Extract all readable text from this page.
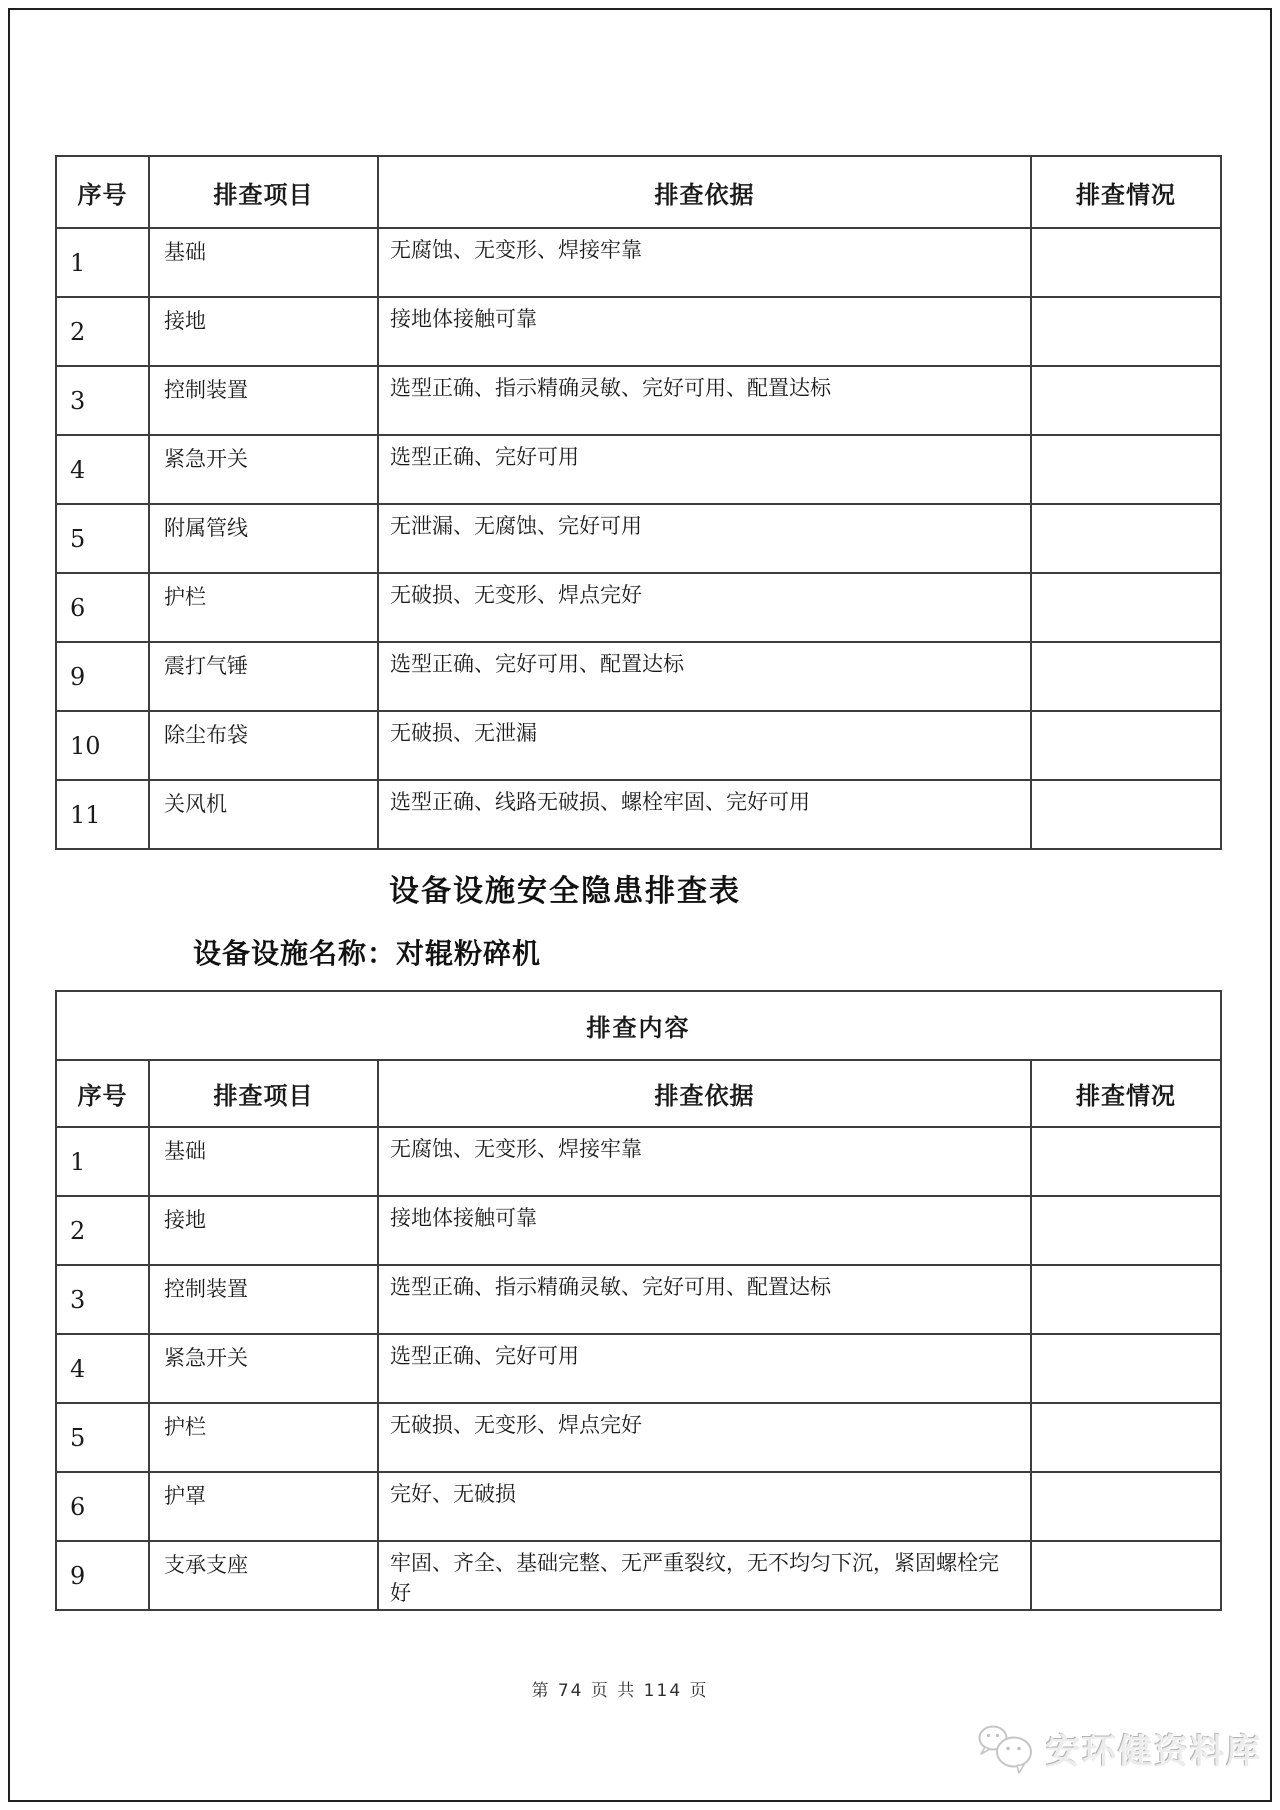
序号	排查项目	排查依据	排查情况
1	基础	无腐蚀、无变形、焊接牢靠	
2	接地	接地体接触可靠	
3	控制装置	选型正确、指示精确灵敏、完好可用、配置达标	
4	紧急开关	选型正确、完好可用	
5	附属管线	无泄漏、无腐蚀、完好可用	
6	护栏	无破损、无变形、焊点完好	
9	震打气锤	选型正确、完好可用、配置达标	
10	除尘布袋	无破损、无泄漏	
11	关风机	选型正确、线路无破损、螺栓牢固、完好可用	
设备设施安全隐患排查表
设备设施名称：对辊粉碎机
排查内容			
序号	排查项目	排查依据	排查情况
1	基础	无腐蚀、无变形、焊接牢靠	
2	接地	接地体接触可靠	
3	控制装置	选型正确、指示精确灵敏、完好可用、配置达标	
4	紧急开关	选型正确、完好可用	
5	护栏	无破损、无变形、焊点完好	
6	护罩	完好、无破损	
9	支承支座	牢固、齐全、基础完整、无严重裂纹，无不均匀下沉，紧固螺栓完好	
第 74 页 共 114 页
安环健资料库
